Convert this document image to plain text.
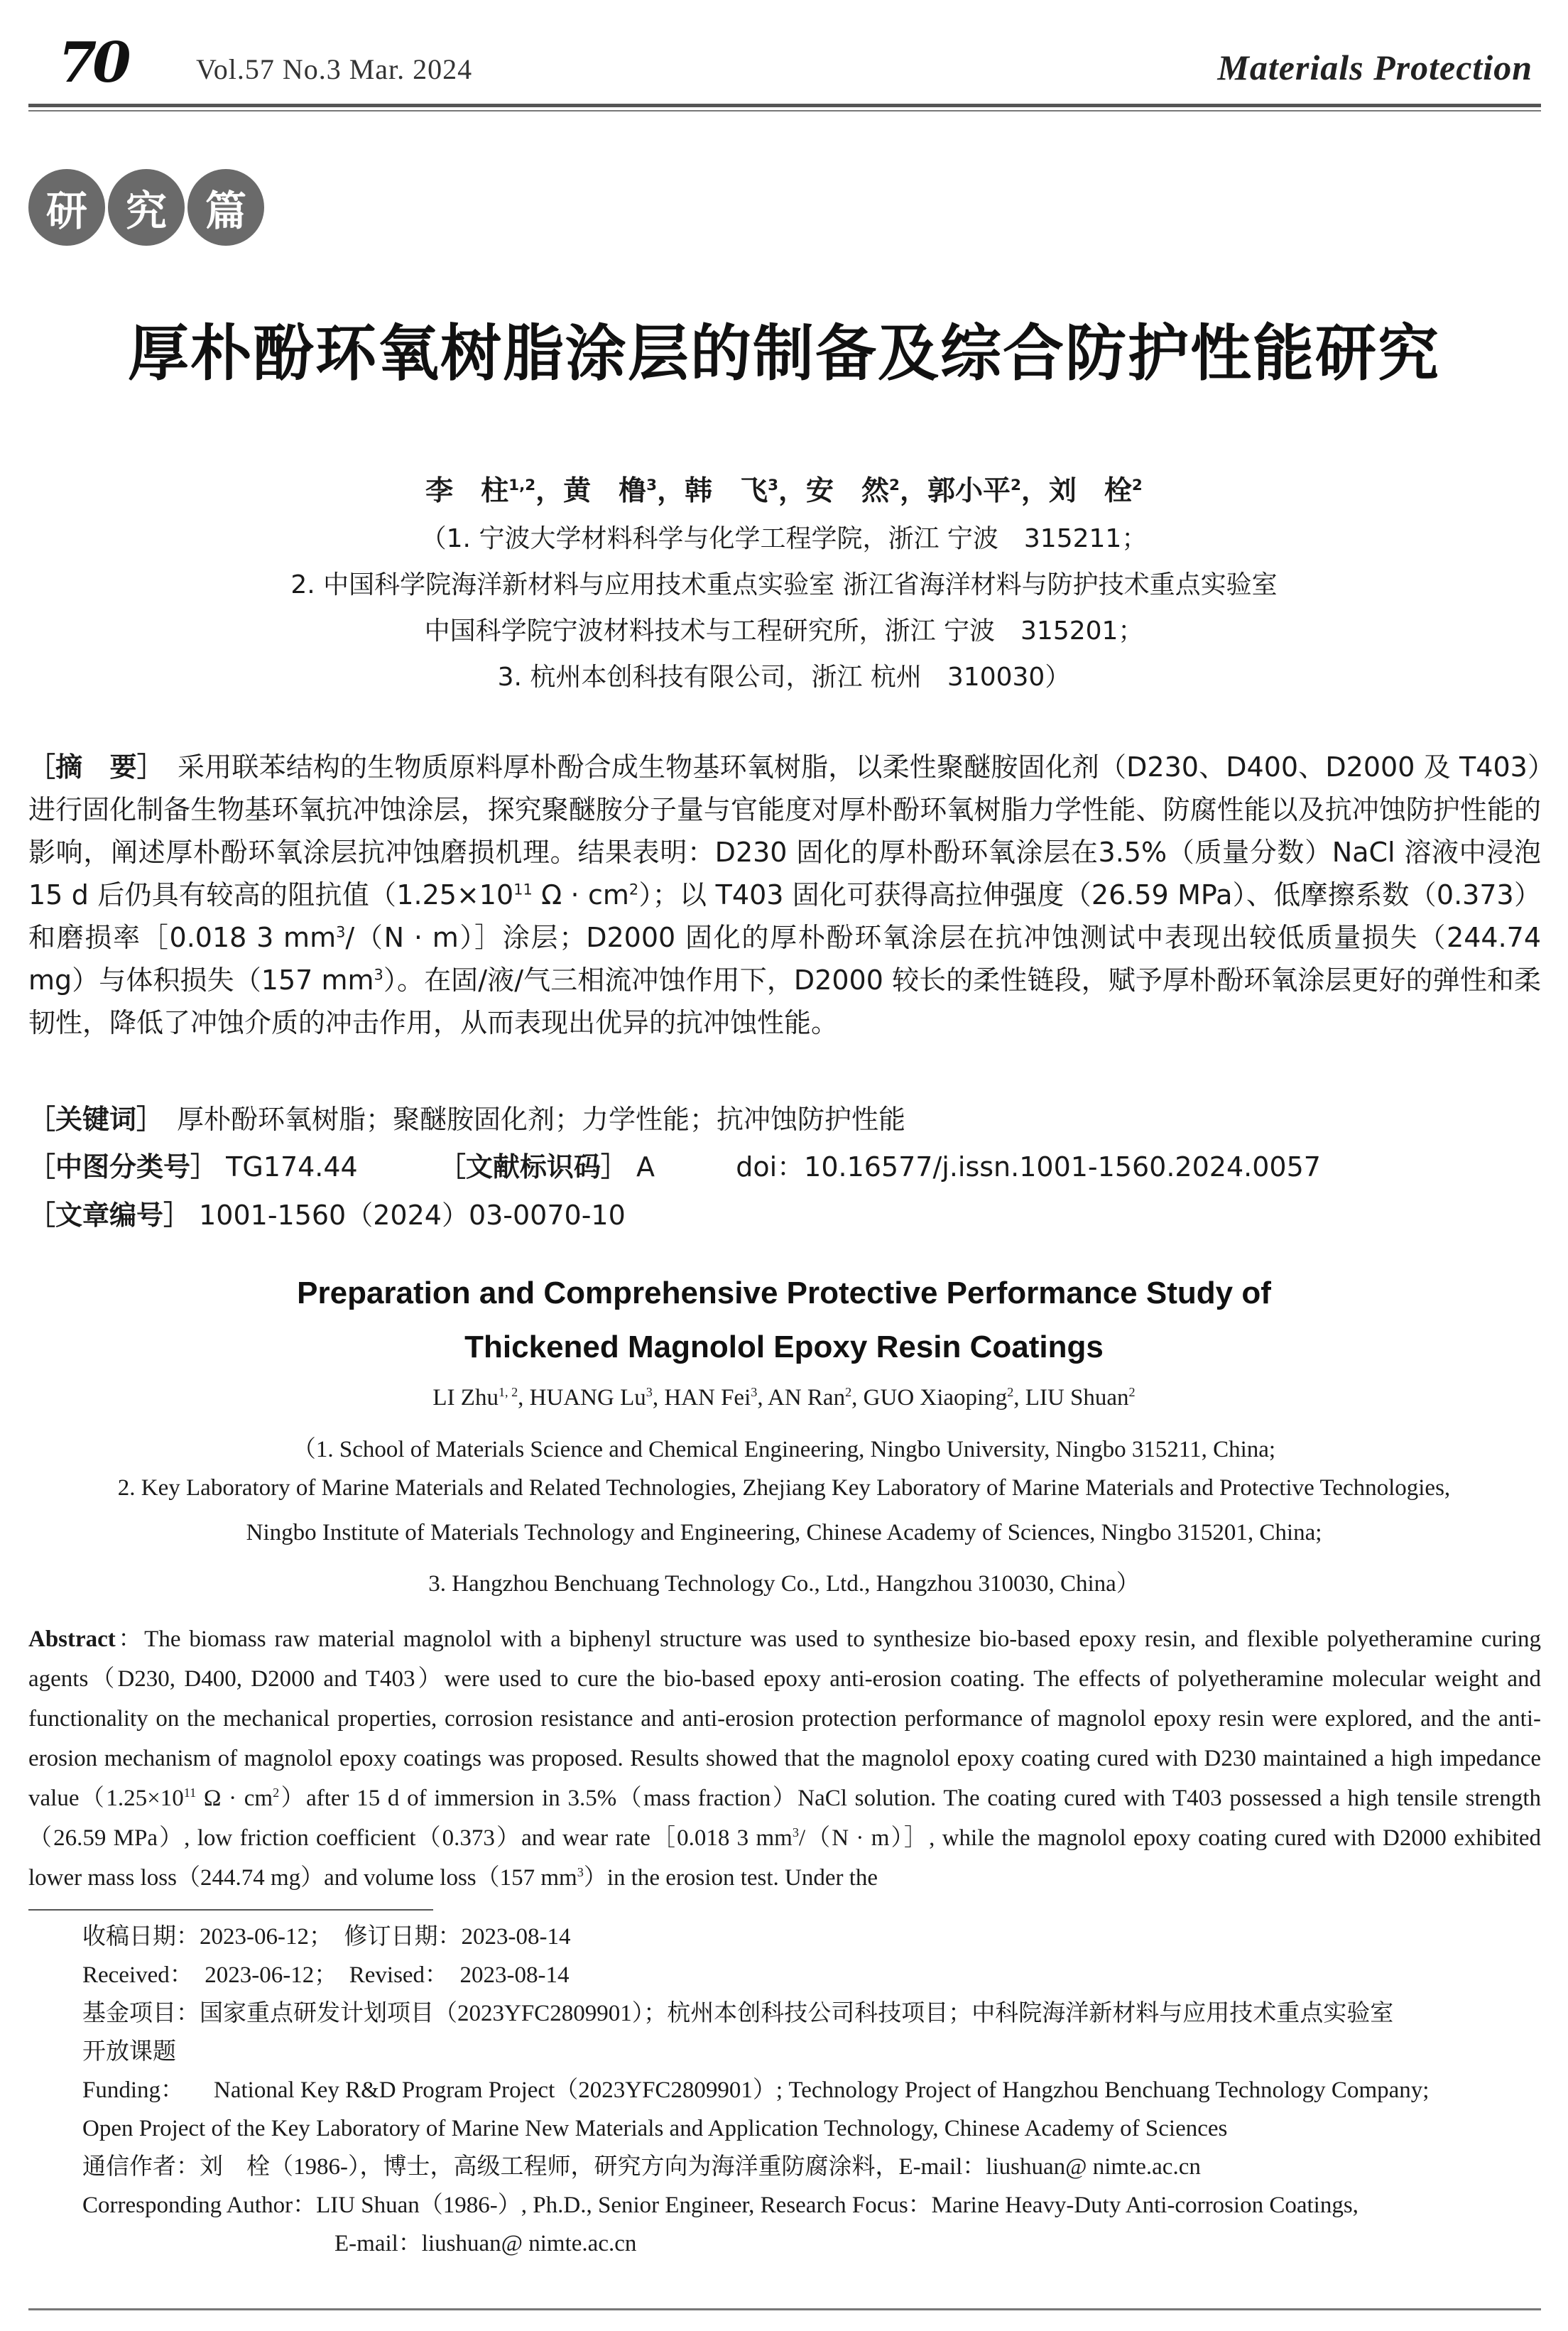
70 Vol.57 No.3 Mar. 2024	Materials Protection
研 究 篇
厚朴酚环氧树脂涂层的制备及综合防护性能研究
李　柱$^{1,2}$，黄　橹$^3$，韩　飞$^3$，安　然$^2$，郭小平$^2$，刘　栓$^2$
（1. 宁波大学材料科学与化学工程学院，浙江 宁波　315211；
2. 中国科学院海洋新材料与应用技术重点实验室 浙江省海洋材料与防护技术重点实验室
中国科学院宁波材料技术与工程研究所，浙江 宁波　315201；
3. 杭州本创科技有限公司，浙江 杭州　310030）
［摘　要］　采用联苯结构的生物质原料厚朴酚合成生物基环氧树脂，以柔性聚醚胺固化剂（D230、D400、D2000 及 T403）进行固化制备生物基环氧抗冲蚀涂层，探究聚醚胺分子量与官能度对厚朴酚环氧树脂力学性能、防腐性能以及抗冲蚀防护性能的影响，阐述厚朴酚环氧涂层抗冲蚀磨损机理。结果表明：D230 固化的厚朴酚环氧涂层在3.5%（质量分数）NaCl 溶液中浸泡 15 d 后仍具有较高的阻抗值（$1.25\times 10^{11}$ $\Omega \cdot cm^2$）；以 T403 固化可获得高拉伸强度（26.59 MPa）、低摩擦系数（0.373）和磨损率［0.018 3 $mm^3/(N$ · m）］涂层；D2000 固化的厚朴酚环氧涂层在抗冲蚀测试中表现出较低质量损失（244.74 mg）与体积损失（157 $mm^3$）。在固/液/气三相流冲蚀作用下，D2000 较长的柔性链段，赋予厚朴酚环氧涂层更好的弹性和柔韧性，降低了冲蚀介质的冲击作用，从而表现出优异的抗冲蚀性能。
［关键词］　厚朴酚环氧树脂；聚醚胺固化剂；力学性能；抗冲蚀防护性能
［中图分类号］ TG174.44	［文献标识码］ A	doi：10.16577/j.issn.1001-1560.2024.0057
［文章编号］ 1001-1560（2024）03-0070-10
Preparation and Comprehensive Protective Performance Study of
Thickened Magnolol Epoxy Resin Coatings
LI Zhu$^{1, 2}$, HUANG Lu$^3$, HAN Fei$^3$, AN Ran$^2$, GUO Xiaoping$^2$, LIU Shuan$^2$
（1. School of Materials Science and Chemical Engineering, Ningbo University, Ningbo 315211, China;
2. Key Laboratory of Marine Materials and Related Technologies, Zhejiang Key Laboratory of Marine Materials and Protective Technologies,
Ningbo Institute of Materials Technology and Engineering, Chinese Academy of Sciences, Ningbo 315201, China;
3. Hangzhou Benchuang Technology Co., Ltd., Hangzhou 310030, China）
Abstract：The biomass raw material magnolol with a biphenyl structure was used to synthesize bio-based epoxy resin, and flexible polyetheramine curing agents（D230, D400, D2000 and T403）were used to cure the bio-based epoxy anti-erosion coating. The effects of polyetheramine molecular weight and functionality on the mechanical properties, corrosion resistance and anti-erosion protection performance of magnolol epoxy resin were explored, and the anti-erosion mechanism of magnolol epoxy coatings was proposed. Results showed that the magnolol epoxy coating cured with D230 maintained a high impedance $value(1.25\times 10^{11}$ $\Omega \cdot cm^2)after$ 15 d of immersion in 3.5%（mass fraction）NaCl solution. The coating cured with T403 possessed a high tensile strength（26.59 MPa）, low friction coefficient（0.373）and wear rate［0.018 3 $mm^3/(N$ · m）］, while the magnolol epoxy coating cured with D2000 exhibited lower mass loss（244.74 mg）and volume loss（157 $mm^3)in$ the erosion test. Under the
收稿日期：2023-06-12；　修订日期：2023-08-14
Received：　2023-06-12；　Revised：　2023-08-14
基金项目：国家重点研发计划项目（2023YFC2809901）；杭州本创科技公司科技项目；中科院海洋新材料与应用技术重点实验室
开放课题
Funding： National Key R&D Program Project（2023YFC2809901）; Technology Project of Hangzhou Benchuang Technology Company;
Open Project of the Key Laboratory of Marine New Materials and Application Technology, Chinese Academy of Sciences
通信作者：刘　栓（1986-），博士，高级工程师，研究方向为海洋重防腐涂料，E-mail：liushuan@ nimte.ac.cn
Corresponding Author：LIU Shuan（1986-）, Ph.D., Senior Engineer, Research Focus：Marine Heavy-Duty Anti-corrosion Coatings,
E-mail：liushuan@ nimte.ac.cn
